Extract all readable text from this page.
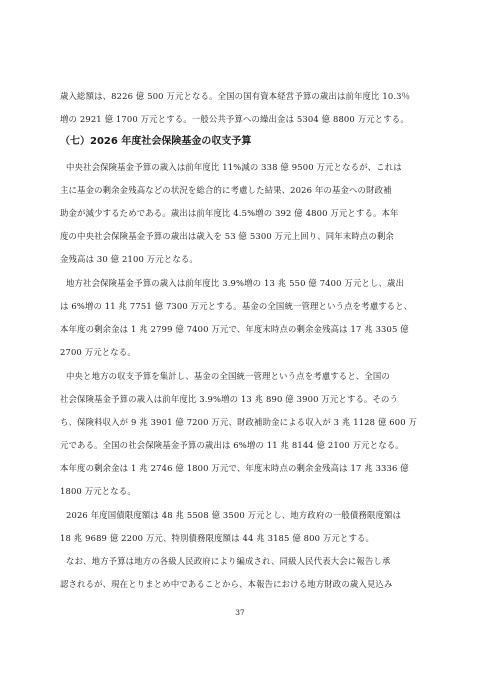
歳入総額は、8226 億 500 万元となる。全国の国有資本経営予算の歳出は前年度比 10.3％
増の 2921 億 1700 万元とする。一般公共予算への繰出金は 5304 億 8800 万元とする。
（七）2026 年度社会保険基金の収支予算
中央社会保険基金予算の歳入は前年度比 11%減の 338 億 9500 万元となるが、これは
主に基金の剰余金残高などの状況を総合的に考慮した結果、2026 年の基金への財政補
助金が減少するためである。歳出は前年度比 4.5%増の 392 億 4800 万元とする。本年
度の中央社会保険基金予算の歳出は歳入を 53 億 5300 万元上回り、同年末時点の剰余
金残高は 30 億 2100 万元となる。
地方社会保険基金予算の歳入は前年度比 3.9%増の 13 兆 550 億 7400 万元とし、歳出
は 6%増の 11 兆 7751 億 7300 万元とする。基金の全国統一管理という点を考慮すると、
本年度の剰余金は 1 兆 2799 億 7400 万元で、年度末時点の剰余金残高は 17 兆 3305 億
2700 万元となる。
中央と地方の収支予算を集計し、基金の全国統一管理という点を考慮すると、全国の
社会保険基金予算の歳入は前年度比 3.9%増の 13 兆 890 億 3900 万元とする。そのう
ち、保険料収入が 9 兆 3901 億 7200 万元、財政補助金による収入が 3 兆 1128 億 600 万
元である。全国の社会保険基金予算の歳出は 6%増の 11 兆 8144 億 2100 万元となる。
本年度の剰余金は 1 兆 2746 億 1800 万元で、年度末時点の剰余金残高は 17 兆 3336 億
1800 万元となる。
2026 年度国債限度額は 48 兆 5508 億 3500 万元とし、地方政府の一般債務限度額は
18 兆 9689 億 2200 万元、特別債務限度額は 44 兆 3185 億 800 万元とする。
なお、地方予算は地方の各級人民政府により編成され、同級人民代表大会に報告し承
認されるが、現在とりまとめ中であることから、本報告における地方財政の歳入見込み
37
